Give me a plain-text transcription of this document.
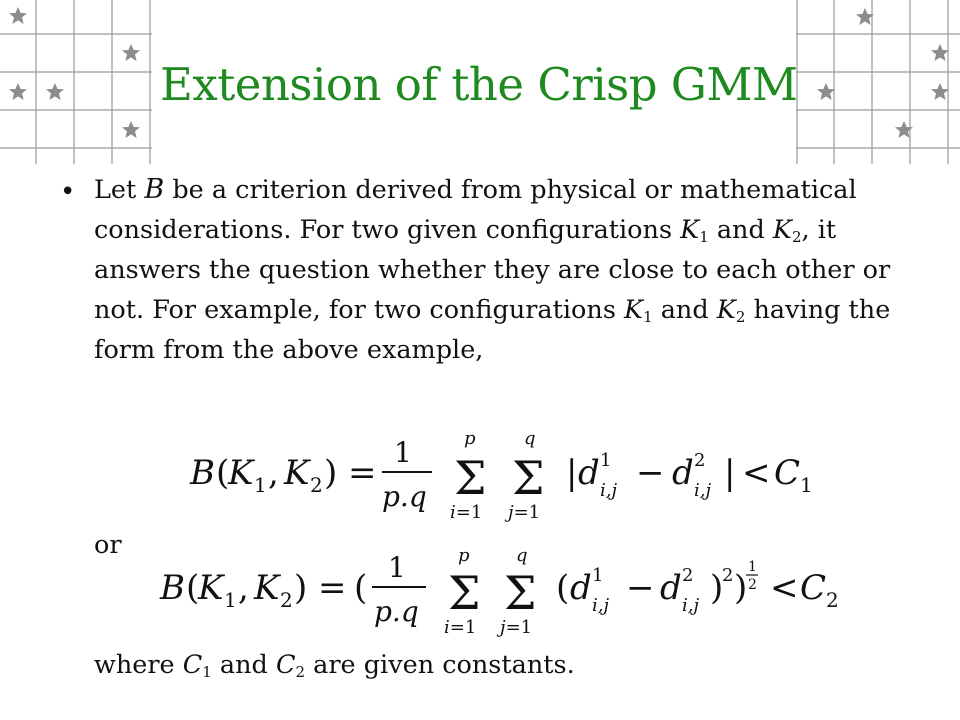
Extension of the Crisp GMM
• Let B be a criterion derived from physical or mathematical considerations. For two given configurations $K_1$ and $K_2$, it answers the question whether they are close to each other or not. For example, for two configurations $K_1$ and $K_2$ having the form from the above example,
B (
K 1 , K 2 ) =
1
p.q
p
Σ
i=1
q
Σ
j=1
| d 1
i,j − d 2
i,j | < C 1
or
B (
K 1 , K 2 ) = (
1
p.q
p
Σ
i=1
q
Σ
j=1
( d 1
i,j − d 2
i,j )
2 )
1
2 < C 2
where $C_1$ and $C_2$ are given constants.
